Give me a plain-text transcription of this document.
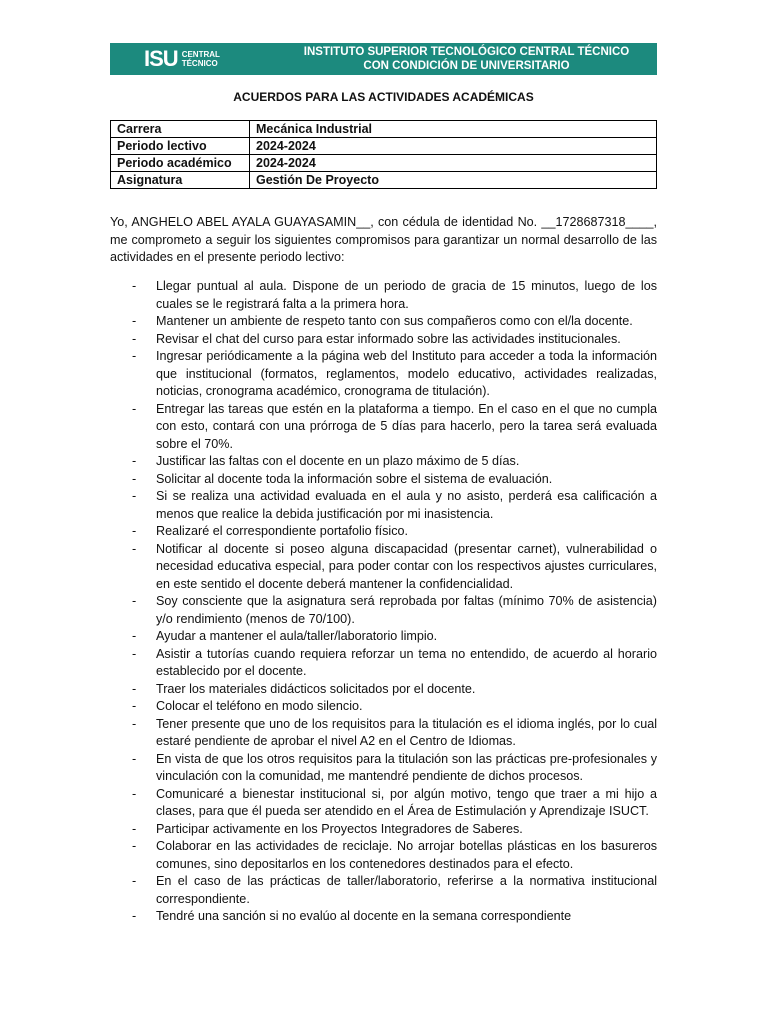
ISU CENTRAL
TÉCNICO
INSTITUTO SUPERIOR TECNOLÓGICO CENTRAL TÉCNICO
CON CONDICIÓN DE UNIVERSITARIO
ACUERDOS PARA LAS ACTIVIDADES ACADÉMICAS
Carrera	Mecánica Industrial
Periodo lectivo	2024-2024
Periodo académico	2024-2024
Asignatura	Gestión De Proyecto

Yo, ANGHELO ABEL AYALA GUAYASAMIN__, con cédula de identidad No. __1728687318____, me comprometo a seguir los siguientes compromisos para garantizar un normal desarrollo de las actividades en el presente periodo lectivo:

- Llegar puntual al aula. Dispone de un periodo de gracia de 15 minutos, luego de los cuales se le registrará falta a la primera hora.
- Mantener un ambiente de respeto tanto con sus compañeros como con el/la docente.
- Revisar el chat del curso para estar informado sobre las actividades institucionales.
- Ingresar periódicamente a la página web del Instituto para acceder a toda la información que institucional (formatos, reglamentos, modelo educativo, actividades realizadas, noticias, cronograma académico, cronograma de titulación).
- Entregar las tareas que estén en la plataforma a tiempo. En el caso en el que no cumpla con esto, contará con una prórroga de 5 días para hacerlo, pero la tarea será evaluada sobre el 70%.
- Justificar las faltas con el docente en un plazo máximo de 5 días.
- Solicitar al docente toda la información sobre el sistema de evaluación.
- Si se realiza una actividad evaluada en el aula y no asisto, perderá esa calificación a menos que realice la debida justificación por mi inasistencia.
- Realizaré el correspondiente portafolio físico.
- Notificar al docente si poseo alguna discapacidad (presentar carnet), vulnerabilidad o necesidad educativa especial, para poder contar con los respectivos ajustes curriculares, en este sentido el docente deberá mantener la confidencialidad.
- Soy consciente que la asignatura será reprobada por faltas (mínimo 70% de asistencia) y/o rendimiento (menos de 70/100).
- Ayudar a mantener el aula/taller/laboratorio limpio.
- Asistir a tutorías cuando requiera reforzar un tema no entendido, de acuerdo al horario establecido por el docente.
- Traer los materiales didácticos solicitados por el docente.
- Colocar el teléfono en modo silencio.
- Tener presente que uno de los requisitos para la titulación es el idioma inglés, por lo cual estaré pendiente de aprobar el nivel A2 en el Centro de Idiomas.
- En vista de que los otros requisitos para la titulación son las prácticas pre-profesionales y vinculación con la comunidad, me mantendré pendiente de dichos procesos.
- Comunicaré a bienestar institucional si, por algún motivo, tengo que traer a mi hijo a clases, para que él pueda ser atendido en el Área de Estimulación y Aprendizaje ISUCT.
- Participar activamente en los Proyectos Integradores de Saberes.
- Colaborar en las actividades de reciclaje. No arrojar botellas plásticas en los basureros comunes, sino depositarlos en los contenedores destinados para el efecto.
- En el caso de las prácticas de taller/laboratorio, referirse a la normativa institucional correspondiente.
- Tendré una sanción si no evalúo al docente en la semana correspondiente
